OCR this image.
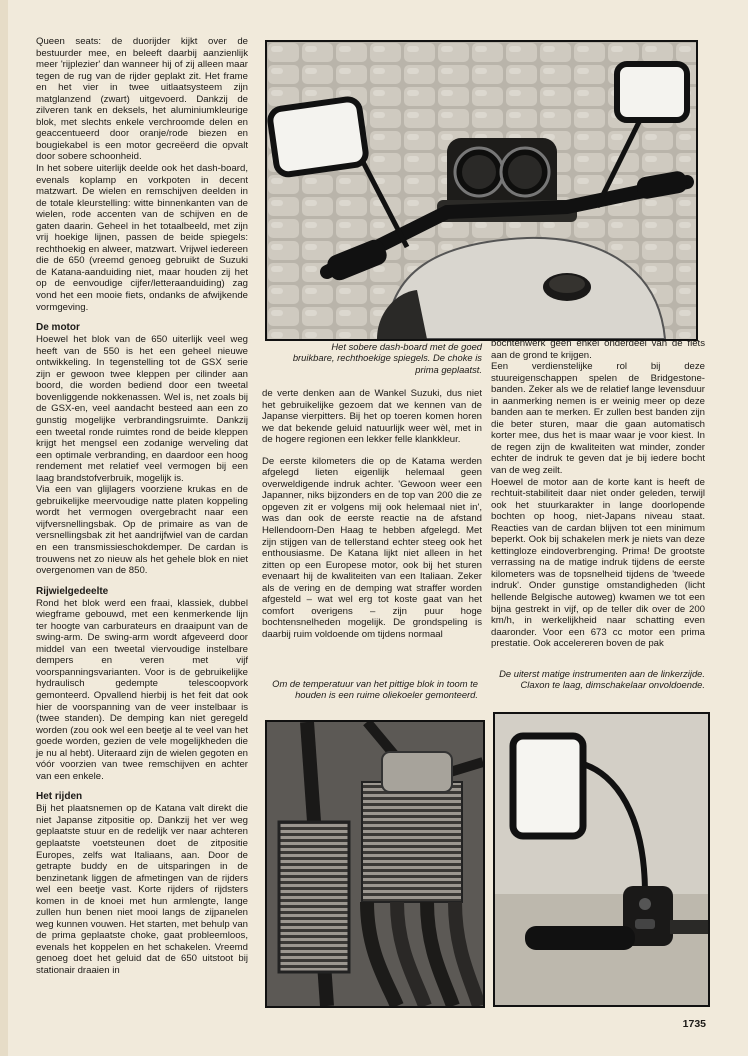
Queen seats: de duorijder kijkt over de bestuurder mee, en beleeft daarbij aanzienlijk meer 'rijplezier' dan wanneer hij of zij alleen maar tegen de rug van de rijder geplakt zit. Het frame en het vier in twee uitlaatsysteem zijn matglanzend (zwart) uitgevoerd. Dankzij de zilveren tank en deksels, het aluminiumkleurige blok, met slechts enkele verchroomde delen en geaccentueerd door oranje/rode biezen en bougiekabel is een motor gecreëerd die opvalt door sobere schoonheid.

In het sobere uiterlijk deelde ook het dash-board, evenals koplamp en vorkpoten in decent matzwart. De wielen en remschijven deelden in de totale kleurstelling: witte binnenkanten van de wielen, rode accenten van de schijven en de gaten daarin. Geheel in het totaalbeeld, met zijn vrij hoekige lijnen, passen de beide spiegels: rechthoekig en alweer, matzwart. Vrijwel iedereen die de 650 (vreemd genoeg gebruikt de Suzuki de Katana-aanduiding niet, maar houden zij het op de eenvoudige cijfer/letteraanduiding) zag vond het een mooie fiets, ondanks de afwijkende vormgeving.

De motor

Hoewel het blok van de 650 uiterlijk veel weg heeft van de 550 is het een geheel nieuwe ontwikkeling. In tegenstelling tot de GSX serie zijn er gewoon twee kleppen per cilinder aan boord, die worden bediend door een tweetal bovenliggende nokkenassen. Wel is, net zoals bij de GSX-en, veel aandacht besteed aan een zo gunstig mogelijke verbrandingsruimte. Dankzij een tweetal ronde ruimtes rond de beide kleppen krijgt het mengsel een zodanige werveling dat een optimale verbranding, en daardoor een hoog rendement met relatief veel vermogen bij een laag brandstofverbruik, mogelijk is.

Via een van glijlagers voorziene krukas en de gebruikelijke meervoudige natte platen koppeling wordt het vermogen overgebracht naar een vijfversnellingsbak. Op de primaire as van de versnellingsbak zit het aandrijfwiel van de cardan en een transmissieschokdemper. De cardan is trouwens net zo nieuw als het gehele blok en niet overgenomen van de 850.

Rijwielgedeelte

Rond het blok werd een fraai, klassiek, dubbel wiegframe gebouwd, met een kenmerkende lijn ter hoogte van carburateurs en draaipunt van de swing-arm. De swing-arm wordt afgeveerd door middel van een tweetal viervoudige instelbare dempers en veren met vijf voorspanningsvarianten. Voor is de gebruikelijke hydraulisch gedempte telescoopvork gemonteerd. Opvallend hierbij is het feit dat ook hier de voorspanning van de veer instelbaar is (twee standen). De demping kan niet geregeld worden (zou ook wel een beetje al te veel van het goede worden, gezien de vele mogelijkheden die je nu al hebt). Uiteraard zijn de wielen gegoten en vóór voorzien van twee remschijven en achter van een enkele.

Het rijden

Bij het plaatsnemen op de Katana valt direkt die niet Japanse zitpositie op. Dankzij het ver weg geplaatste stuur en de redelijk ver naar achteren geplaatste voetsteunen doet de zitpositie Europes, zelfs wat Italiaans, aan. Door de getrapte buddy en de uitsparingen in de benzinetank liggen de afmetingen van de rijders wel een beetje vast. Korte rijders of rijdsters komen in de knoei met hun armlengte, lange zullen hun benen niet mooi langs de zijpanelen weg kunnen vouwen. Het starten, met behulp van de prima geplaatste choke, gaat probleemloos, evenals het koppelen en het schakelen. Vreemd genoeg doet het geluid dat de 650 uitstoot bij stationair draaien in

Het sobere dash-board met de goed bruikbare, rechthoekige spiegels. De choke is prima geplaatst.

de verte denken aan de Wankel Suzuki, dus niet het gebruikelijke gezoem dat we kennen van de Japanse vierpitters. Bij het op toeren komen horen we dat bekende geluid natuurlijk weer wèl, met in de hogere regionen een lekker felle klankkleur.

De eerste kilometers die op de Katama werden afgelegd lieten eigenlijk helemaal geen overweldigende indruk achter. 'Gewoon weer een Japanner, niks bijzonders en de top van 200 die ze opgeven zit er volgens mij ook helemaal niet in', was dan ook de eerste reactie na de afstand Hellendoorn-Den Haag te hebben afgelegd. Met zijn stijgen van de tellerstand echter steeg ook het enthousiasme. De Katana lijkt niet alleen in het zitten op een Europese motor, ook bij het sturen evenaart hij de kwaliteiten van een Italiaan. Zeker als de vering en de demping wat straffer worden afgesteld – wat wel erg tot koste gaat van het comfort overigens – zijn puur hoge bochtensnelheden mogelijk. De grondspeling is daarbij ruim voldoende om tijdens normaal

Om de temperatuur van het pittige blok in toom te houden is een ruime oliekoeler gemonteerd.

bochtenwerk geen enkel onderdeel van de fiets aan de grond te krijgen.

Een verdienstelijke rol bij deze stuureigenschappen spelen de Bridgestone-banden. Zeker als we de relatief lange levensduur in aanmerking nemen is er weinig meer op deze banden aan te merken. Er zullen best banden zijn die beter sturen, maar die gaan automatisch korter mee, dus het is maar waar je voor kiest. In de regen zijn de kwaliteiten wat minder, zonder echter de indruk te geven dat je bij iedere bocht van de weg zeilt.

Hoewel de motor aan de korte kant is heeft de rechtuit-stabiliteit daar niet onder geleden, terwijl ook het stuurkarakter in lange doorlopende bochten op hoog, niet-Japans niveau staat. Reacties van de cardan blijven tot een minimum beperkt. Ook bij schakelen merk je niets van deze kettingloze eindoverbrenging. Prima! De grootste verrassing na de matige indruk tijdens de eerste kilometers was de topsnelheid tijdens de 'tweede indruk'. Onder gunstige omstandigheden (licht hellende Belgische autoweg) kwamen we tot een bijna gestrekt in vijf, op de teller dik over de 200 km/h, in werkelijkheid naar schatting even daaronder. Voor een 673 cc motor een prima prestatie. Ook accelereren boven de pak

De uiterst matige instrumenten aan de linkerzijde. Claxon te laag, dimschakelaar onvoldoende.
1735
